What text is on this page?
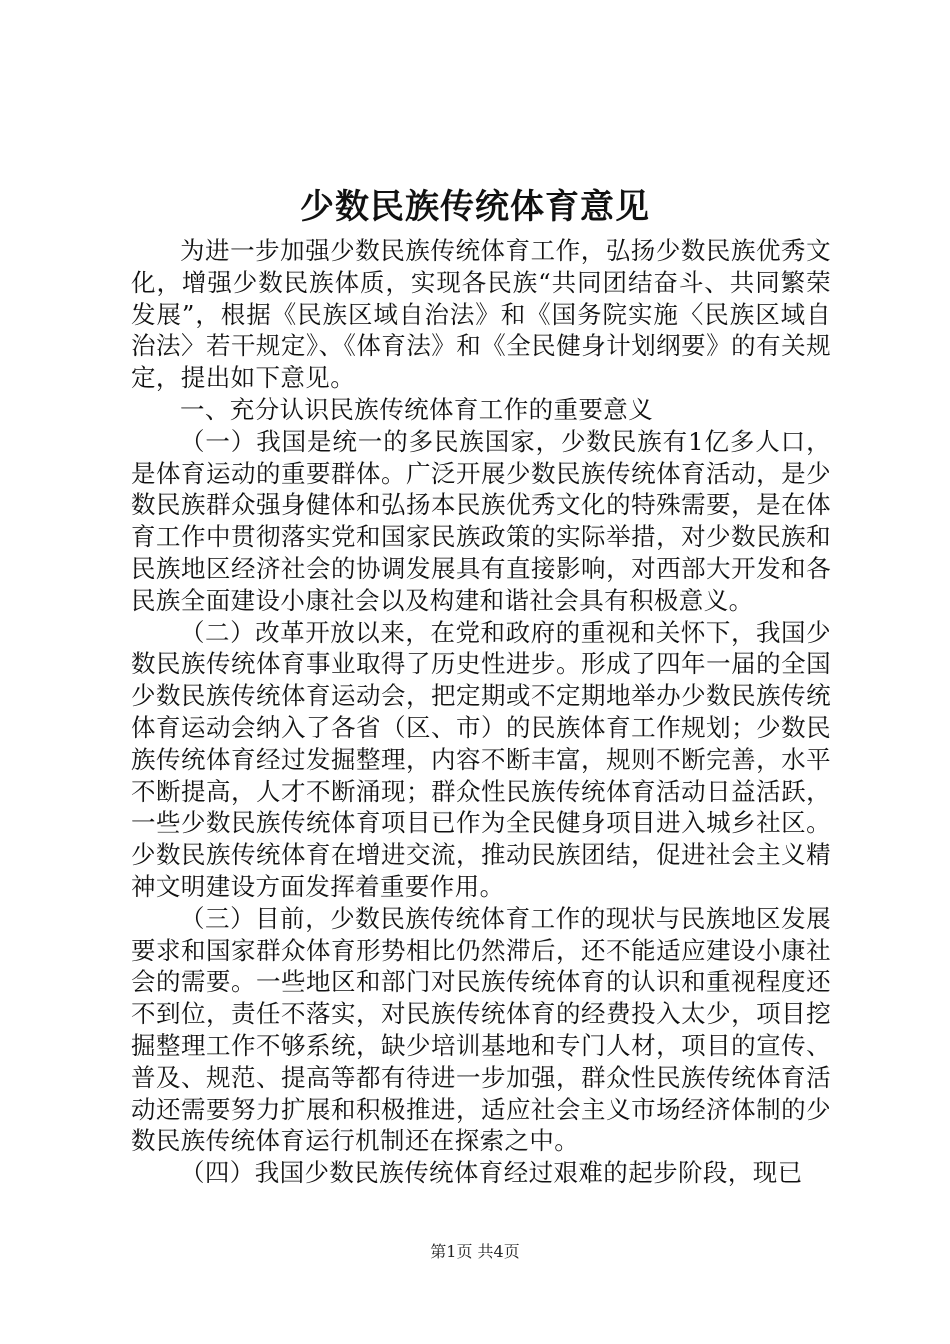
少数民族传统体育意见

为进一步加强少数民族传统体育工作，弘扬少数民族优秀文化，增强少数民族体质，实现各民族“共同团结奋斗、共同繁荣发展”，根据《民族区域自治法》和《国务院实施〈民族区域自治法〉若干规定》、《体育法》和《全民健身计划纲要》的有关规定，提出如下意见。

一、充分认识民族传统体育工作的重要意义

（一）我国是统一的多民族国家，少数民族有1亿多人口，是体育运动的重要群体。广泛开展少数民族传统体育活动，是少数民族群众强身健体和弘扬本民族优秀文化的特殊需要，是在体育工作中贯彻落实党和国家民族政策的实际举措，对少数民族和民族地区经济社会的协调发展具有直接影响，对西部大开发和各民族全面建设小康社会以及构建和谐社会具有积极意义。

（二）改革开放以来，在党和政府的重视和关怀下，我国少数民族传统体育事业取得了历史性进步。形成了四年一届的全国少数民族传统体育运动会，把定期或不定期地举办少数民族传统体育运动会纳入了各省（区、市）的民族体育工作规划；少数民族传统体育经过发掘整理，内容不断丰富，规则不断完善，水平不断提高，人才不断涌现；群众性民族传统体育活动日益活跃，一些少数民族传统体育项目已作为全民健身项目进入城乡社区。少数民族传统体育在增进交流，推动民族团结，促进社会主义精神文明建设方面发挥着重要作用。

（三）目前，少数民族传统体育工作的现状与民族地区发展要求和国家群众体育形势相比仍然滞后，还不能适应建设小康社会的需要。一些地区和部门对民族传统体育的认识和重视程度还不到位，责任不落实，对民族传统体育的经费投入太少，项目挖掘整理工作不够系统，缺少培训基地和专门人材，项目的宣传、普及、规范、提高等都有待进一步加强，群众性民族传统体育活动还需要努力扩展和积极推进，适应社会主义市场经济体制的少数民族传统体育运行机制还在探索之中。

（四）我国少数民族传统体育经过艰难的起步阶段，现已

第1页 共4页
